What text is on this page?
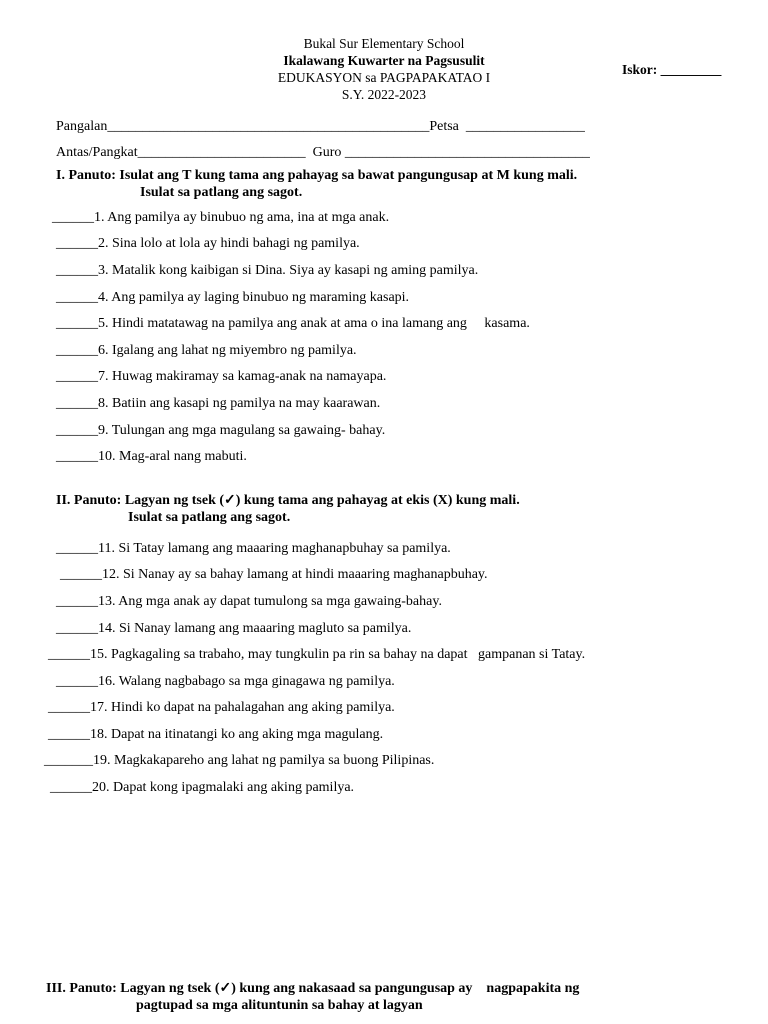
Bukal Sur Elementary School
Ikalawang Kuwarter na Pagsusulit
EDUKASYON sa PAGPAPAKATAO I
S.Y. 2022-2023
Iskor: _________
Pangalan______________________________________________Petsa  _________________
Antas/Pangkat________________________  Guro ___________________________________
I. Panuto: Isulat ang T kung tama ang pahayag sa bawat pangungusap at M kung mali.
Isulat sa patlang ang sagot.
______1. Ang pamilya ay binubuo ng ama, ina at mga anak.
______2. Sina lolo at lola ay hindi bahagi ng pamilya.
______3. Matalik kong kaibigan si Dina. Siya ay kasapi ng aming pamilya.
______4. Ang pamilya ay laging binubuo ng maraming kasapi.
______5. Hindi matatawag na pamilya ang anak at ama o ina lamang ang     kasama.
______6. Igalang ang lahat ng miyembro ng pamilya.
______7. Huwag makiramay sa kamag-anak na namayapa.
______8. Batiin ang kasapi ng pamilya na may kaarawan.
______9. Tulungan ang mga magulang sa gawaing- bahay.
______10. Mag-aral nang mabuti.
II. Panuto: Lagyan ng tsek (✓) kung tama ang pahayag at ekis (X) kung mali.
Isulat sa patlang ang sagot.
______11. Si Tatay lamang ang maaaring maghanapbuhay sa pamilya.
______12. Si Nanay ay sa bahay lamang at hindi maaaring maghanapbuhay.
______13. Ang mga anak ay dapat tumulong sa mga gawaing-bahay.
______14. Si Nanay lamang ang maaaring magluto sa pamilya.
______15. Pagkagaling sa trabaho, may tungkulin pa rin sa bahay na dapat   gampanan si Tatay.
______16. Walang nagbabago sa mga ginagawa ng pamilya.
______17. Hindi ko dapat na pahalagahan ang aking pamilya.
______18. Dapat na itinatangi ko ang aking mga magulang.
_______19. Magkakapareho ang lahat ng pamilya sa buong Pilipinas.
______20. Dapat kong ipagmalaki ang aking pamilya.
III. Panuto: Lagyan ng tsek (✓) kung ang nakasaad sa pangungusap ay    nagpapakita ng
pagtupad sa mga alituntunin sa bahay at lagyan
